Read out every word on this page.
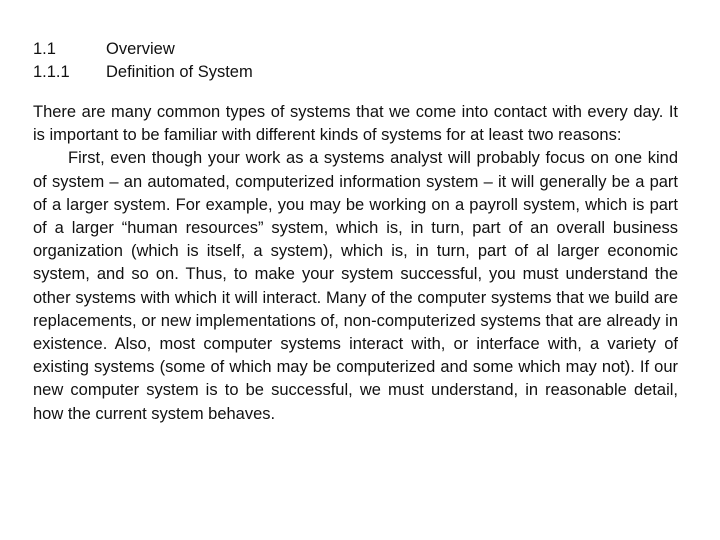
1.1	Overview
1.1.1	Definition of System

There are many common types of systems that we come into contact with every day. It is important to be familiar with different kinds of systems for at least two reasons:

First, even though your work as a systems analyst will probably focus on one kind of system – an automated, computerized information system – it will generally be a part of a larger system. For example, you may be working on a payroll system, which is part of a larger “human resources” system, which is, in turn, part of an overall business organization (which is itself, a system), which is, in turn, part of al larger economic system, and so on. Thus, to make your system successful, you must understand the other systems with which it will interact. Many of the computer systems that we build are replacements, or new implementations of, non-computerized systems that are already in existence. Also, most computer systems interact with, or interface with, a variety of existing systems (some of which may be computerized and some which may not). If our new computer system is to be successful, we must understand, in reasonable detail, how the current system behaves.
